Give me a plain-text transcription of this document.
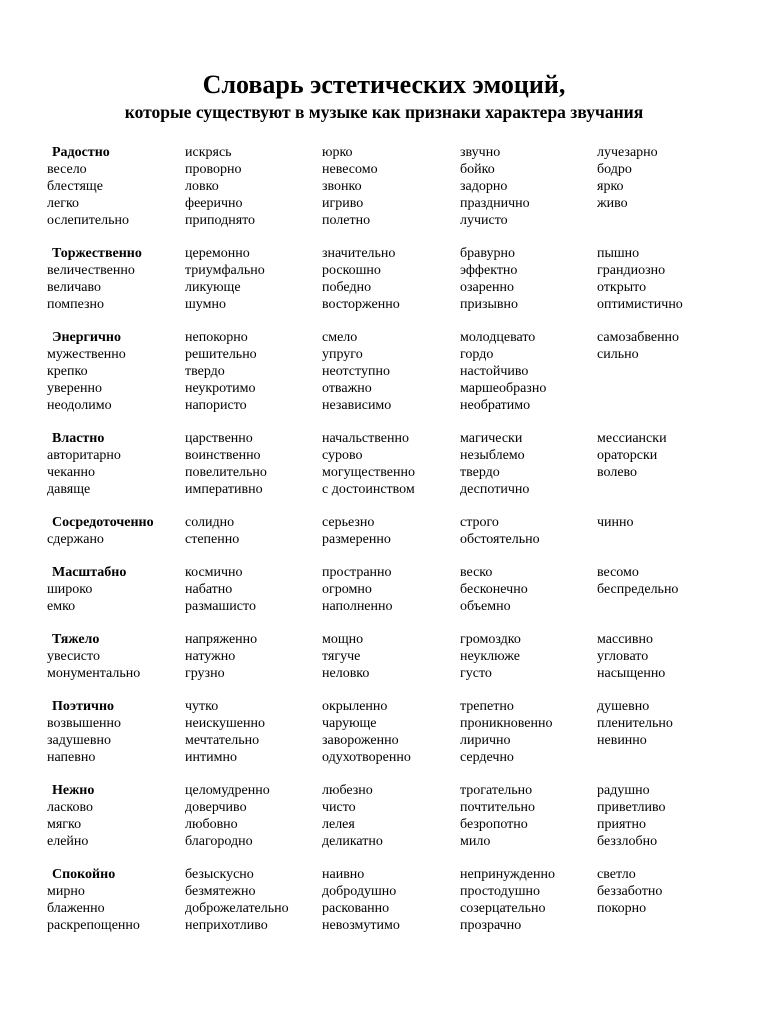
Словарь эстетических эмоций,
которые существуют в музыке как признаки характера звучания
Радостно
весело
блестяще
легко
ослепительно
искрясь
проворно
ловко
феерично
приподнято
юрко
невесомо
звонко
игриво
полетно
звучно
бойко
задорно
празднично
лучисто
лучезарно
бодро
ярко
живо
Торжественно
величественно
величаво
помпезно
церемонно
триумфально
ликующе
шумно
значительно
роскошно
победно
восторженно
бравурно
эффектно
озаренно
призывно
пышно
грандиозно
открыто
оптимистично
Энергично
мужественно
крепко
уверенно
неодолимо
непокорно
решительно
твердо
неукротимо
напористо
смело
упруго
неотступно
отважно
независимо
молодцевато
гордо
настойчиво
маршеобразно
необратимо
самозабвенно
сильно
Властно
авторитарно
чеканно
давяще
царственно
воинственно
повелительно
императивно
начальственно
сурово
могущественно
с достоинством
магически
незыблемо
твердо
деспотично
мессиански
ораторски
волево
Сосредоточенно
сдержано
солидно
степенно
серьезно
размеренно
строго
обстоятельно
чинно
Масштабно
широко
емко
космично
набатно
размашисто
пространно
огромно
наполненно
веско
бесконечно
объемно
весомо
беспредельно
Тяжело
увесисто
монументально
напряженно
натужно
грузно
мощно
тягуче
неловко
громоздко
неуклюже
густо
массивно
угловато
насыщенно
Поэтично
возвышенно
задушевно
напевно
чутко
неискушенно
мечтательно
интимно
окрыленно
чарующе
завороженно
одухотворенно
трепетно
проникновенно
лирично
сердечно
душевно
пленительно
невинно
Нежно
ласково
мягко
елейно
целомудренно
доверчиво
любовно
благородно
любезно
чисто
лелея
деликатно
трогательно
почтительно
безропотно
мило
радушно
приветливо
приятно
беззлобно
Спокойно
мирно
блаженно
раскрепощенно
безыскусно
безмятежно
доброжелательно
неприхотливо
наивно
добродушно
раскованно
невозмутимо
непринужденно
простодушно
созерцательно
прозрачно
светло
беззаботно
покорно
